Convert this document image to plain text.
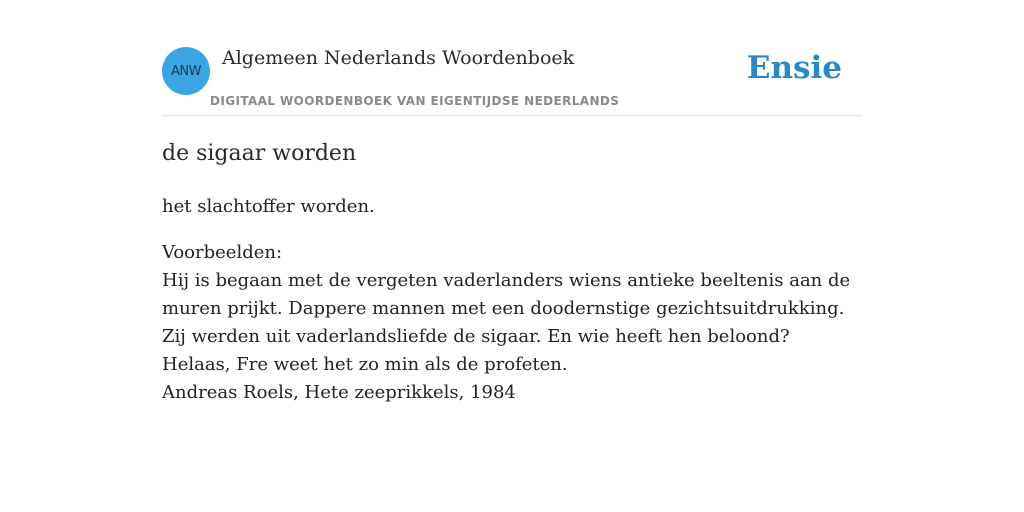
ANW
Algemeen Nederlands Woordenboek
DIGITAAL WOORDENBOEK VAN EIGENTIJDSE NEDERLANDS
Ensie
de sigaar worden
het slachtoffer worden.
Voorbeelden:
Hij is begaan met de vergeten vaderlanders wiens antieke beeltenis aan de muren prijkt. Dappere mannen met een doodernstige gezichtsuitdrukking. Zij werden uit vaderlandsliefde de sigaar. En wie heeft hen beloond? Helaas, Fre weet het zo min als de profeten.
Andreas Roels, Hete zeeprikkels, 1984
